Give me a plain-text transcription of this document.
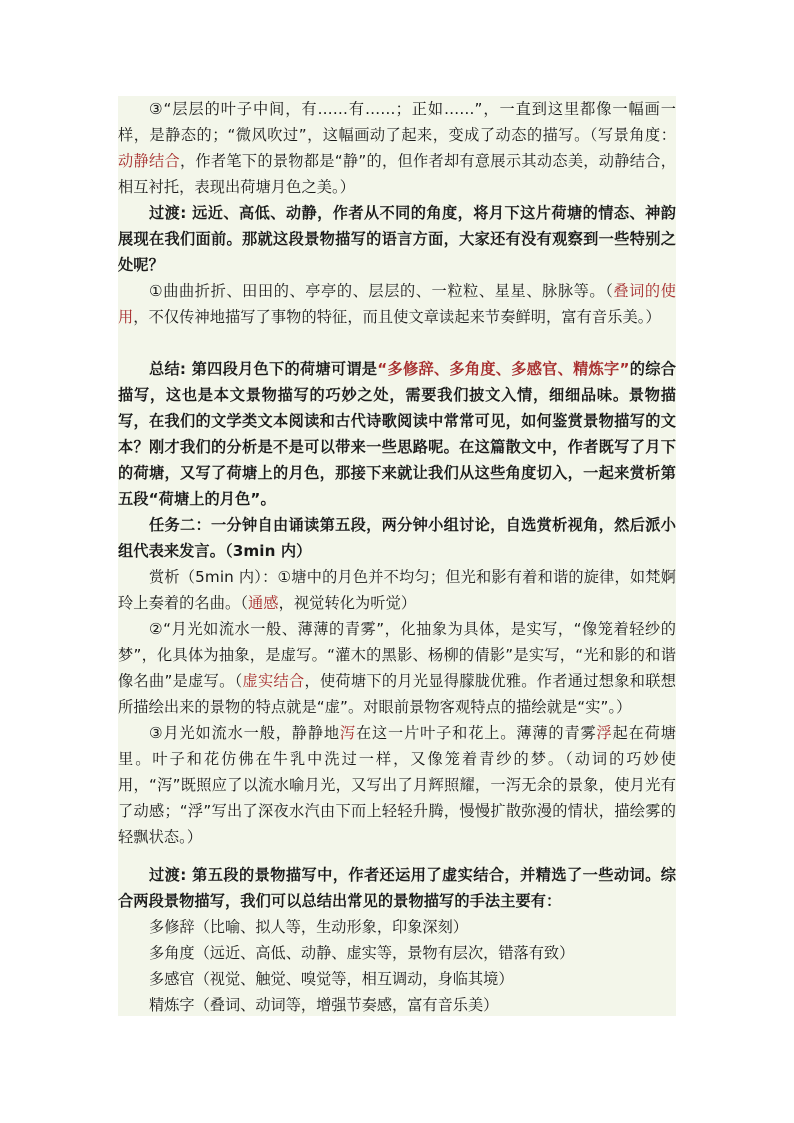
③“层层的叶子中间，有……有……；正如……”，一直到这里都像一幅画一样，是静态的；“微风吹过”，这幅画动了起来，变成了动态的描写。（写景角度：动静结合，作者笔下的景物都是“静”的，但作者却有意展示其动态美，动静结合，相互衬托，表现出荷塘月色之美。）
过渡: 远近、高低、动静，作者从不同的角度，将月下这片荷塘的情态、神韵展现在我们面前。那就这段景物描写的语言方面，大家还有没有观察到一些特别之处呢？
①曲曲折折、田田的、亭亭的、层层的、一粒粒、星星、脉脉等。（叠词的使用，不仅传神地描写了事物的特征，而且使文章读起来节奏鲜明，富有音乐美。）
总结: 第四段月色下的荷塘可谓是“多修辞、多角度、多感官、精炼字”的综合描写，这也是本文景物描写的巧妙之处，需要我们披文入情，细细品味。景物描写，在我们的文学类文本阅读和古代诗歌阅读中常常可见，如何鉴赏景物描写的文本？刚才我们的分析是不是可以带来一些思路呢。在这篇散文中，作者既写了月下的荷塘，又写了荷塘上的月色，那接下来就让我们从这些角度切入，一起来赏析第五段“荷塘上的月色”。
任务二：一分钟自由诵读第五段，两分钟小组讨论，自选赏析视角，然后派小组代表来发言。（3min 内）
赏析（5min 内）：①塘中的月色并不均匀；但光和影有着和谐的旋律，如梵婀玲上奏着的名曲。（通感，视觉转化为听觉）
②“月光如流水一般、薄薄的青雾”，化抽象为具体，是实写，“像笼着轻纱的梦”，化具体为抽象，是虚写。“灌木的黑影、杨柳的倩影”是实写，“光和影的和谐像名曲”是虚写。（虚实结合，使荷塘下的月光显得朦胧优雅。作者通过想象和联想所描绘出来的景物的特点就是“虚”。对眼前景物客观特点的描绘就是“实”。）
③月光如流水一般，静静地泻在这一片叶子和花上。薄薄的青雾浮起在荷塘里。叶子和花仿佛在牛乳中洗过一样，又像笼着青纱的梦。（动词的巧妙使用，“泻”既照应了以流水喻月光，又写出了月辉照耀，一泻无余的景象，使月光有了动感；“浮”写出了深夜水汽由下而上轻轻升腾，慢慢扩散弥漫的情状，描绘雾的轻飘状态。）
过渡: 第五段的景物描写中，作者还运用了虚实结合，并精选了一些动词。综合两段景物描写，我们可以总结出常见的景物描写的手法主要有：
多修辞（比喻、拟人等，生动形象，印象深刻）
多角度（远近、高低、动静、虚实等，景物有层次，错落有致）
多感官（视觉、触觉、嗅觉等，相互调动，身临其境）
精炼字（叠词、动词等，增强节奏感，富有音乐美）
